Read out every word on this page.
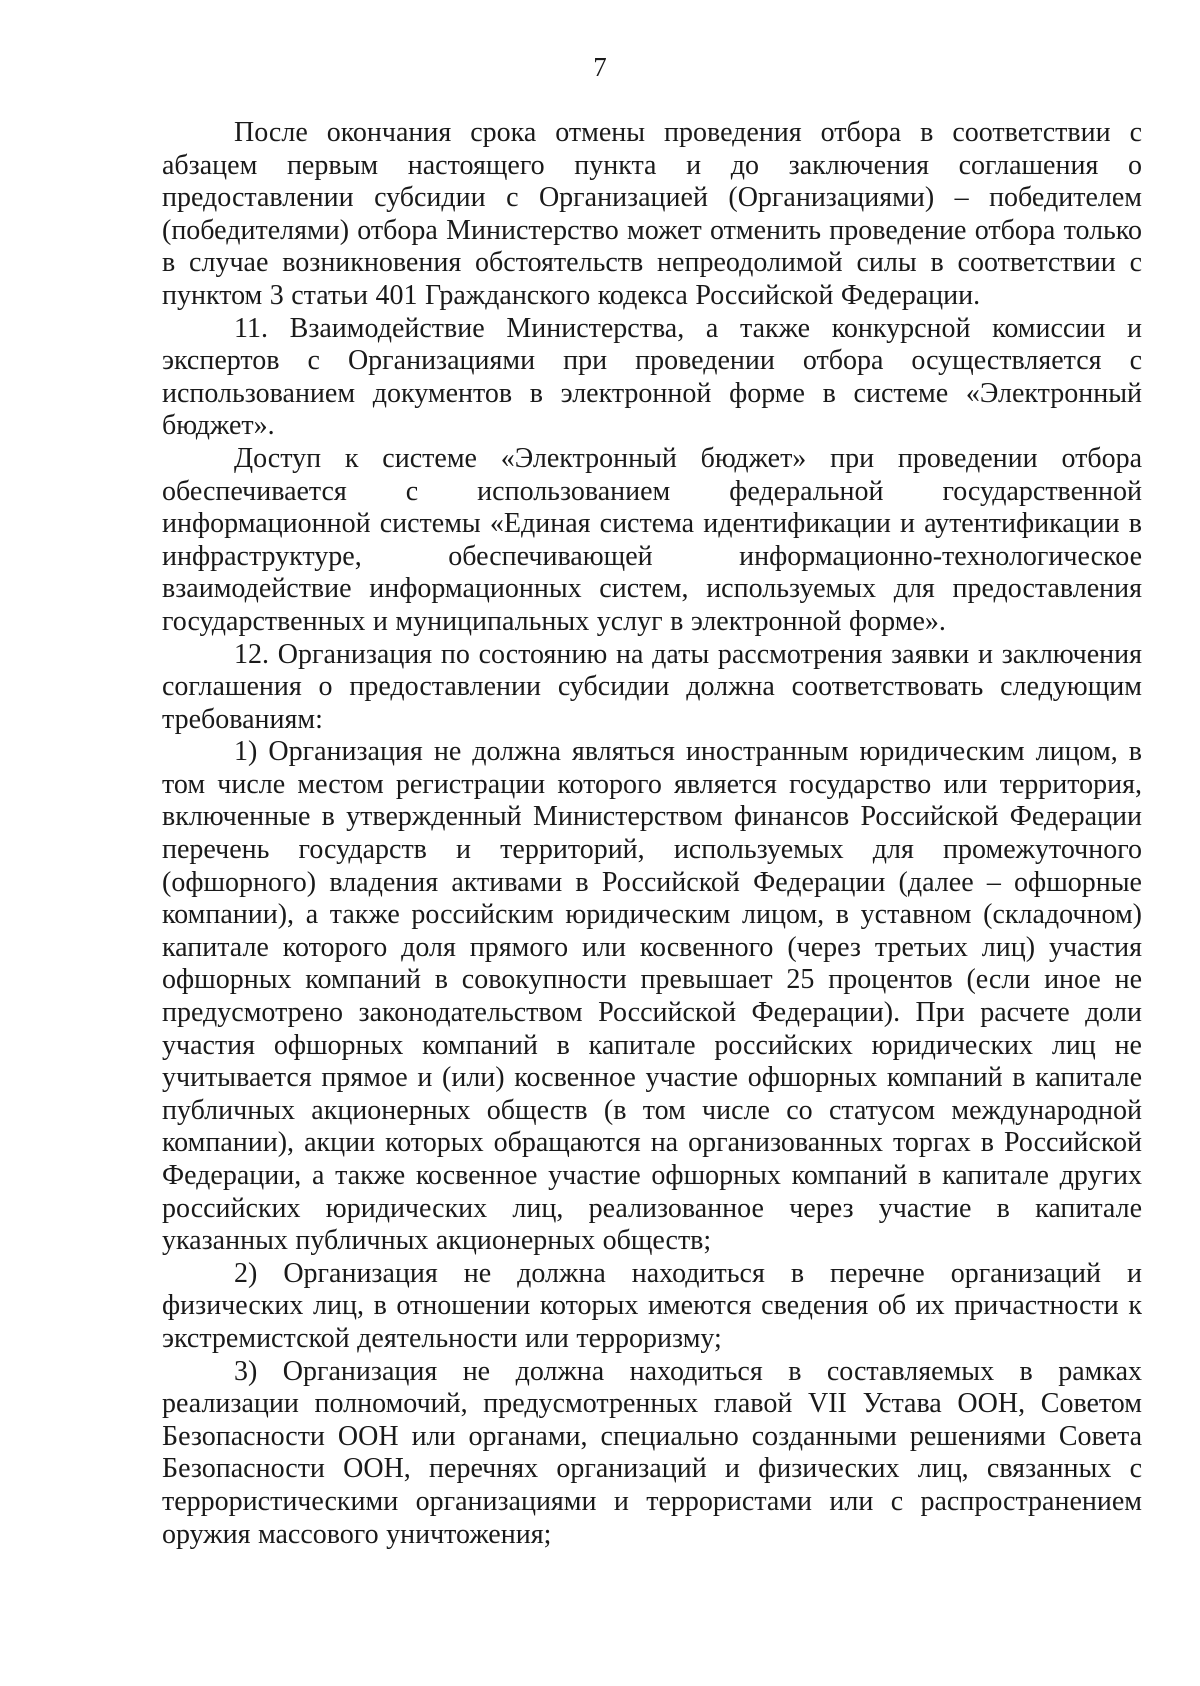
7

После окончания срока отмены проведения отбора в соответствии с абзацем первым настоящего пункта и до заключения соглашения о предоставлении субсидии с Организацией (Организациями) – победителем (победителями) отбора Министерство может отменить проведение отбора только в случае возникновения обстоятельств непреодолимой силы в соответствии с пунктом 3 статьи 401 Гражданского кодекса Российской Федерации.

11. Взаимодействие Министерства, а также конкурсной комиссии и экспертов с Организациями при проведении отбора осуществляется с использованием документов в электронной форме в системе «Электронный бюджет».

Доступ к системе «Электронный бюджет» при проведении отбора обеспечивается с использованием федеральной государственной информационной системы «Единая система идентификации и аутентификации в инфраструктуре, обеспечивающей информационно-технологическое взаимодействие информационных систем, используемых для предоставления государственных и муниципальных услуг в электронной форме».

12. Организация по состоянию на даты рассмотрения заявки и заключения соглашения о предоставлении субсидии должна соответствовать следующим требованиям:

1) Организация не должна являться иностранным юридическим лицом, в том числе местом регистрации которого является государство или территория, включенные в утвержденный Министерством финансов Российской Федерации перечень государств и территорий, используемых для промежуточного (офшорного) владения активами в Российской Федерации (далее – офшорные компании), а также российским юридическим лицом, в уставном (складочном) капитале которого доля прямого или косвенного (через третьих лиц) участия офшорных компаний в совокупности превышает 25 процентов (если иное не предусмотрено законодательством Российской Федерации). При расчете доли участия офшорных компаний в капитале российских юридических лиц не учитывается прямое и (или) косвенное участие офшорных компаний в капитале публичных акционерных обществ (в том числе со статусом международной компании), акции которых обращаются на организованных торгах в Российской Федерации, а также косвенное участие офшорных компаний в капитале других российских юридических лиц, реализованное через участие в капитале указанных публичных акционерных обществ;

2) Организация не должна находиться в перечне организаций и физических лиц, в отношении которых имеются сведения об их причастности к экстремистской деятельности или терроризму;

3) Организация не должна находиться в составляемых в рамках реализации полномочий, предусмотренных главой VII Устава ООН, Советом Безопасности ООН или органами, специально созданными решениями Совета Безопасности ООН, перечнях организаций и физических лиц, связанных с террористическими организациями и террористами или с распространением оружия массового уничтожения;
